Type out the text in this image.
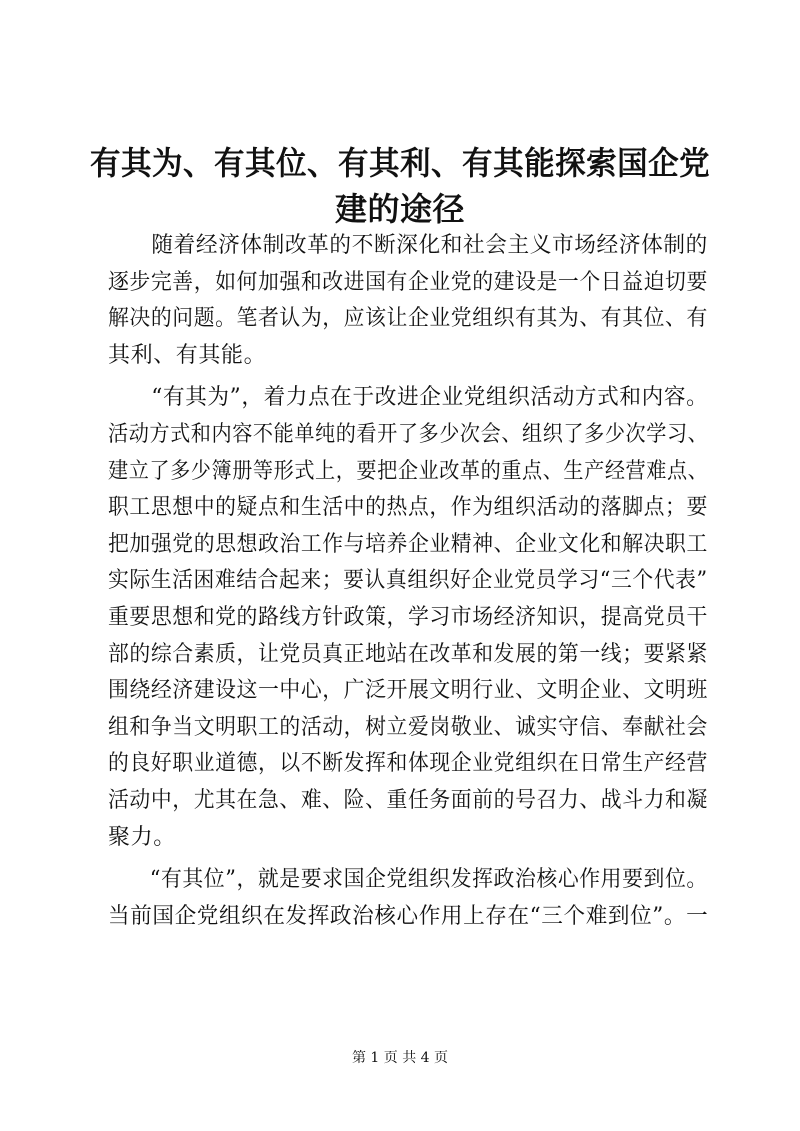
有其为、有其位、有其利、有其能探索国企党
建的途径
随着经济体制改革的不断深化和社会主义市场经济体制的
逐步完善，如何加强和改进国有企业党的建设是一个日益迫切要
解决的问题。笔者认为，应该让企业党组织有其为、有其位、有
其利、有其能。
“有其为”，着力点在于改进企业党组织活动方式和内容。
活动方式和内容不能单纯的看开了多少次会、组织了多少次学习、
建立了多少簿册等形式上，要把企业改革的重点、生产经营难点、
职工思想中的疑点和生活中的热点，作为组织活动的落脚点；要
把加强党的思想政治工作与培养企业精神、企业文化和解决职工
实际生活困难结合起来；要认真组织好企业党员学习“三个代表”
重要思想和党的路线方针政策，学习市场经济知识，提高党员干
部的综合素质，让党员真正地站在改革和发展的第一线；要紧紧
围绕经济建设这一中心，广泛开展文明行业、文明企业、文明班
组和争当文明职工的活动，树立爱岗敬业、诚实守信、奉献社会
的良好职业道德，以不断发挥和体现企业党组织在日常生产经营
活动中，尤其在急、难、险、重任务面前的号召力、战斗力和凝
聚力。
“有其位”，就是要求国企党组织发挥政治核心作用要到位。
当前国企党组织在发挥政治核心作用上存在“三个难到位”。一
第 1 页 共 4 页
